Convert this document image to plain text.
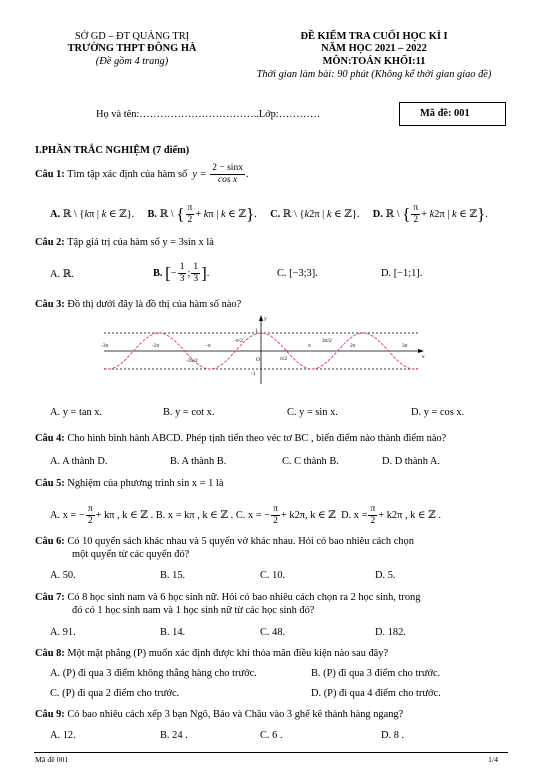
SỞ GD – ĐT QUẢNG TRỊ
TRƯỜNG THPT ĐÔNG HÀ
(Đề gồm 4 trang)
ĐỀ KIỂM TRA CUỐI HỌC KÌ I
NĂM HỌC 2021 – 2022
MÔN:TOÁN KHỐI:11
Thời gian làm bài: 90 phút (Không kể thời gian giao đề)
Họ và tên:……………………………..Lớp:…………	Mã đề: 001
I.PHẦN TRẮC NGHIỆM (7 điểm)
Câu 1: Tìm tập xác định của hàm số  $y = \frac{2 - \sin x}{\text{cos x}}$ .
A. ℝ \ {kπ | k ∈ ℤ}. B. ℝ \ { $\frac{\pi}{2} + k\pi$ | k ∈ ℤ}. C. ℝ \ {k2π | k ∈ ℤ}. D. ℝ \ { $\frac{\pi}{2} + k2\pi$ | k ∈ ℤ}.
Câu 2: Tập giá trị của hàm số y = 3sin x là
A. ℝ.	B. [− $\frac{1}{3}$ ; $\frac{1}{3}$ ].	C. [−3;3].	D. [−1;1].
Câu 3: Đồ thị dưới đây là đồ thị của hàm số nào?
-3π	-2π	-π
O
π	2π	3π
-3π/2
-π/2
π/2
3π/2
x
y
1
-1
A. y = tan x.	B. y = cot x.	C. y = sin x.	D. y = cos x.
Câu 4: Cho hình bình hành ABCD. Phép tịnh tiến theo véc tơ BC , biến điểm nào thành điểm nào?
A. A thành D.	B. A thành B.	C. C thành B.	D. D thành A.
Câu 5: Nghiệm của phương trình sin x = 1 là
A. x = − $\frac{\pi}{2} + k\pi$ , k ∈ ℤ . B. x = kπ , k ∈ ℤ . C. x = − $\frac{\pi}{2} + k2\pi$, k ∈ ℤ D. $x = \frac{\pi}{2} + k2\pi$ , k ∈ ℤ .
Câu 6: Có 10 quyển sách khác nhau và 5 quyển vở khác nhau. Hỏi có bao nhiêu cách chọn
một quyển từ các quyển đó?
A. 50.	B. 15.	C. 10.	D. 5.
Câu 7: Có 8 học sinh nam và 6 học sinh nữ. Hỏi có bao nhiêu cách chọn ra 2 học sinh, trong
đó có 1 học sinh nam và 1 học sinh nữ từ các học sinh đó?
A. 91.	B. 14.	C. 48.	D. 182.
Câu 8: Một mặt phẳng (P) muốn xác định được khi thỏa mãn điều kiện nào sau đây?
A. (P) đi qua 3 điểm không thẳng hàng cho trước.	B. (P) đi qua 3 điểm cho trước.
C. (P) đi qua 2 điểm cho trước.	D. (P) đi qua 4 điểm cho trước.
Câu 9: Có bao nhiêu cách xếp 3 bạn Ngô, Bảo và Châu vào 3 ghế kê thành hàng ngang?
A. 12.	B. 24 .	C. 6 .	D. 8 .
Mã đề 001	1/4
